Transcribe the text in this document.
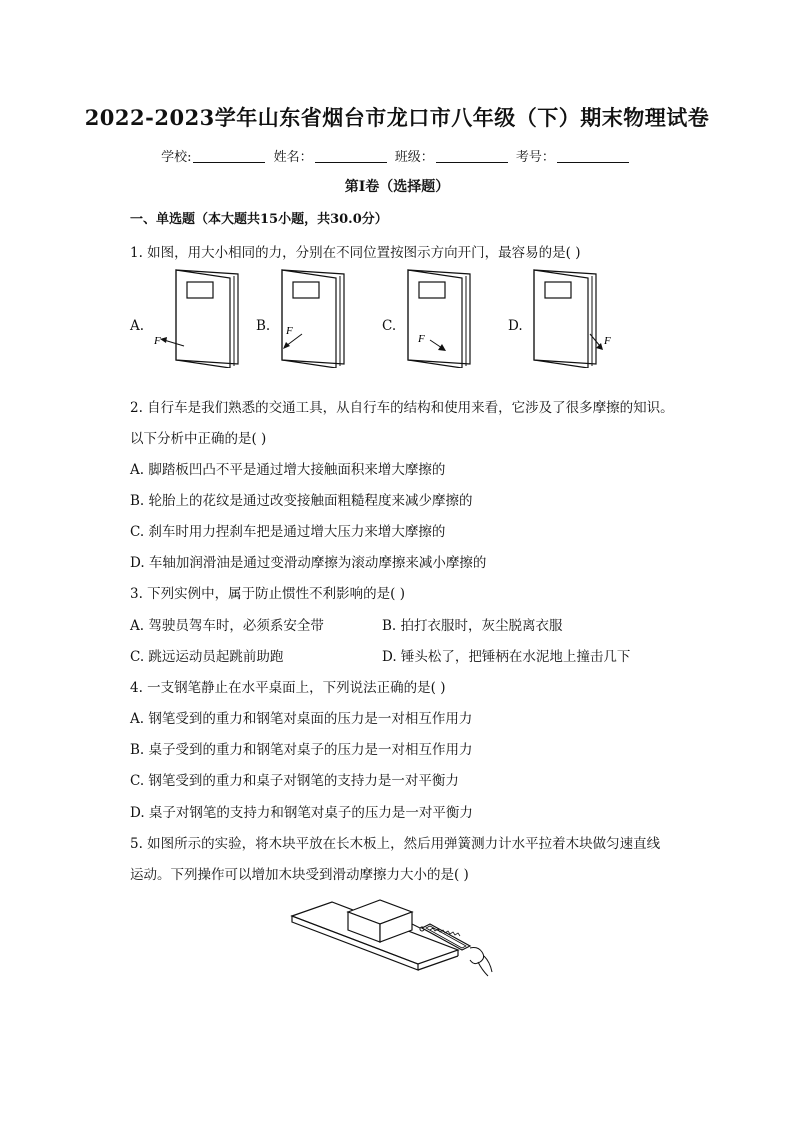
2022-2023学年山东省烟台市龙口市八年级（下）期末物理试卷
学校:	姓名：	班级：	考号：
第Ⅰ卷（选择题）
一、单选题（本大题共15小题，共30.0分）
1. 如图，用大小相同的力，分别在不同位置按图示方向开门，最容易的是( )
A.	B.	C.	D.
F
F
F	F
2. 自行车是我们熟悉的交通工具，从自行车的结构和使用来看，它涉及了很多摩擦的知识。
以下分析中正确的是( )
A. 脚踏板凹凸不平是通过增大接触面积来增大摩擦的
B. 轮胎上的花纹是通过改变接触面粗糙程度来减少摩擦的
C. 刹车时用力捏刹车把是通过增大压力来增大摩擦的
D. 车轴加润滑油是通过变滑动摩擦为滚动摩擦来减小摩擦的
3. 下列实例中，属于防止惯性不利影响的是( )
A. 驾驶员驾车时，必须系安全带	B. 拍打衣服时，灰尘脱离衣服
C. 跳远运动员起跳前助跑	D. 锤头松了，把锤柄在水泥地上撞击几下
4. 一支钢笔静止在水平桌面上，下列说法正确的是( )
A. 钢笔受到的重力和钢笔对桌面的压力是一对相互作用力
B. 桌子受到的重力和钢笔对桌子的压力是一对相互作用力
C. 钢笔受到的重力和桌子对钢笔的支持力是一对平衡力
D. 桌子对钢笔的支持力和钢笔对桌子的压力是一对平衡力
5. 如图所示的实验，将木块平放在长木板上，然后用弹簧测力计水平拉着木块做匀速直线
运动。下列操作可以增加木块受到滑动摩擦力大小的是( )
